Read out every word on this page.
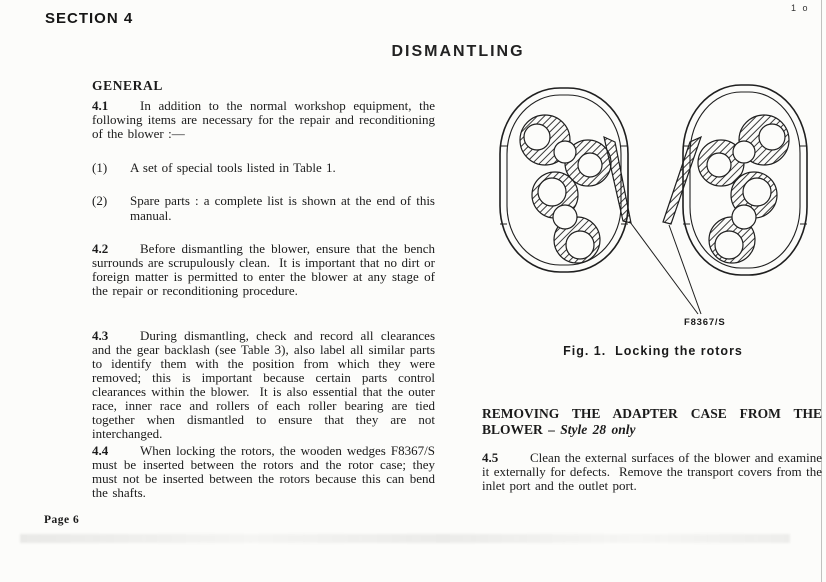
1 o
SECTION 4
DISMANTLING
GENERAL

4.1 In addition to the normal workshop equipment, the following items are necessary for the repair and reconditioning of the blower :—

(1)	A set of special tools listed in Table 1.
(2)	Spare parts : a complete list is shown at the end of this manual.

4.2 Before dismantling the blower, ensure that the bench surrounds are scrupulously clean.  It is important that no dirt or foreign matter is permitted to enter the blower at any stage of the repair or reconditioning procedure.

4.3 During dismantling, check and record all clearances and the gear backlash (see Table 3), also label all similar parts to identify them with the position from which they were removed; this is important because certain parts control clearances within the blower.  It is also essential that the outer race, inner race and rollers of each roller bearing are tied together when dismantled to ensure that they are not interchanged.

4.4 When locking the rotors, the wooden wedges F8367/S must be inserted between the rotors and the rotor case; they must not be inserted between the rotors because this can bend the shafts.

Page 6
F8367/S
Fig. 1.  Locking the rotors
REMOVING THE ADAPTER CASE FROM THE BLOWER – Style 28 only

4.5 Clean the external surfaces of the blower and examine it externally for defects.  Remove the transport covers from the inlet port and the outlet port.
